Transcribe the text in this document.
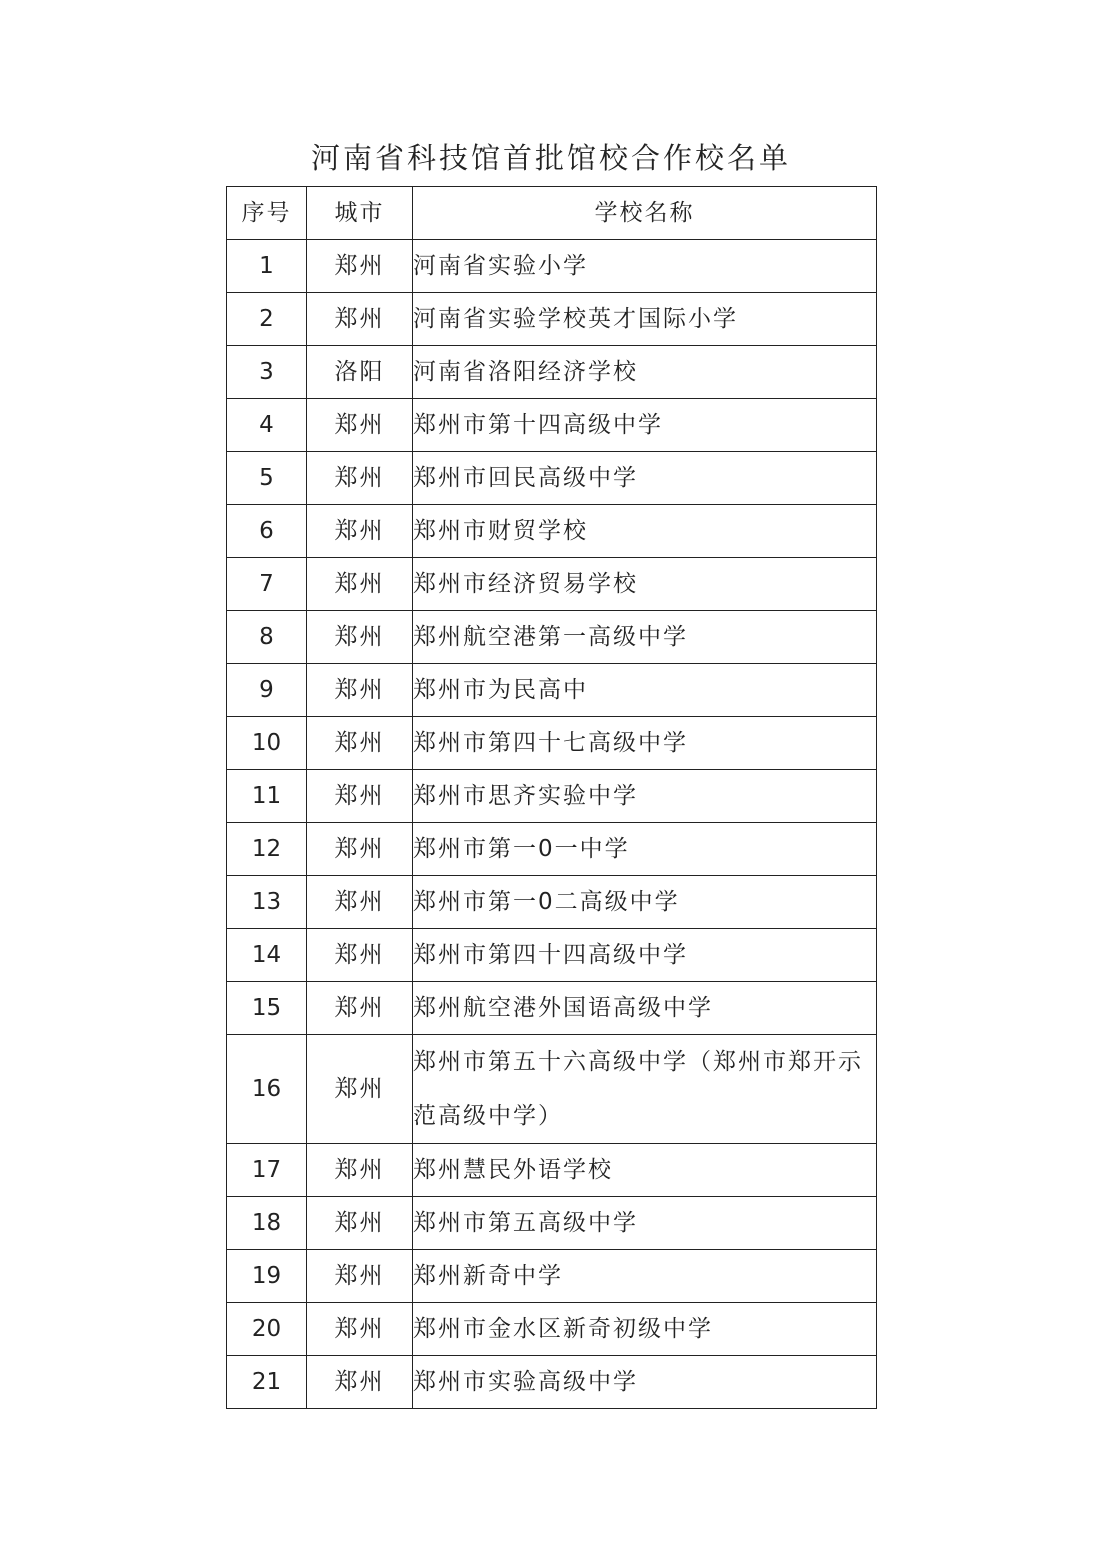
河南省科技馆首批馆校合作校名单
序号	城市	学校名称
1	郑州	河南省实验小学
2	郑州	河南省实验学校英才国际小学
3	洛阳	河南省洛阳经济学校
4	郑州	郑州市第十四高级中学
5	郑州	郑州市回民高级中学
6	郑州	郑州市财贸学校
7	郑州	郑州市经济贸易学校
8	郑州	郑州航空港第一高级中学
9	郑州	郑州市为民高中
10	郑州	郑州市第四十七高级中学
11	郑州	郑州市思齐实验中学
12	郑州	郑州市第一0一中学
13	郑州	郑州市第一0二高级中学
14	郑州	郑州市第四十四高级中学
15	郑州	郑州航空港外国语高级中学
16	郑州	郑州市第五十六高级中学（郑州市郑开示范高级中学）
17	郑州	郑州慧民外语学校
18	郑州	郑州市第五高级中学
19	郑州	郑州新奇中学
20	郑州	郑州市金水区新奇初级中学
21	郑州	郑州市实验高级中学
